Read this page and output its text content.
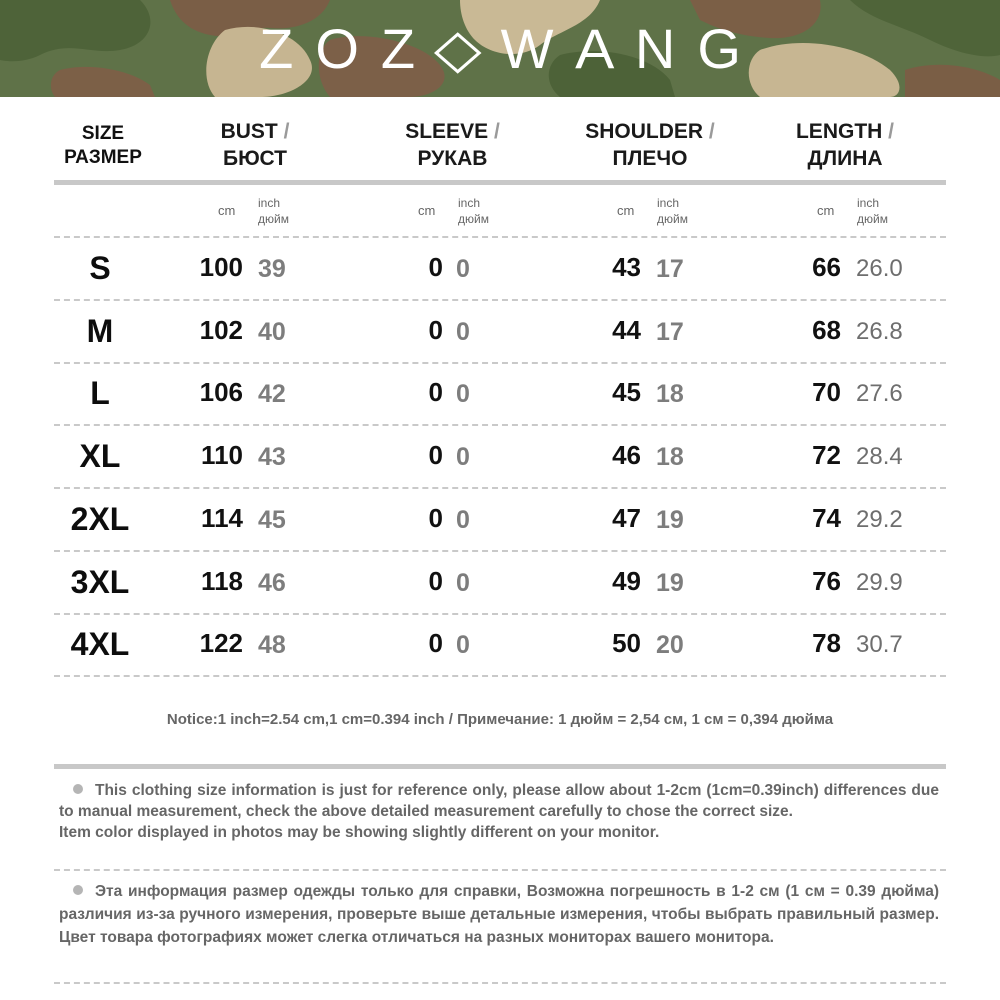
Z O Z ◇ W A N G
SIZE
РАЗМЕР
BUST /
БЮСТ
SLEEVE /
РУКАВ
SHOULDER /
ПЛЕЧО
LENGTH /
ДЛИНА
cm inch
дюйм
cm inch
дюйм
cm inch
дюйм
cm inch
дюйм
S	100 39	0 0	43 17	66 26.0
M	102 40	0 0	44 17	68 26.8
L	106 42	0 0	45 18	70 27.6
XL	110 43	0 0	46 18	72 28.4
2XL	114 45	0 0	47 19	74 29.2
3XL	118 46	0 0	49 19	76 29.9
4XL	122 48	0 0	50 20	78 30.7
Notice:1 inch=2.54 cm,1 cm=0.394 inch / Примечание: 1 дюйм = 2,54 см, 1 см = 0,394 дюйма
This clothing size information is just for reference only, please allow about 1-2cm (1cm=0.39inch) differences due to manual measurement, check the above detailed measurement carefully to chose the correct size.
Item color displayed in photos may be showing slightly different on your monitor.
Эта информация размер одежды только для справки, Возможна погрешность в 1-2 см (1 см = 0.39 дюйма) различия из-за ручного измерения, проверьте выше детальные измерения, чтобы выбрать правильный размер. Цвет товара фотографиях может слегка отличаться на разных мониторах вашего монитора.
